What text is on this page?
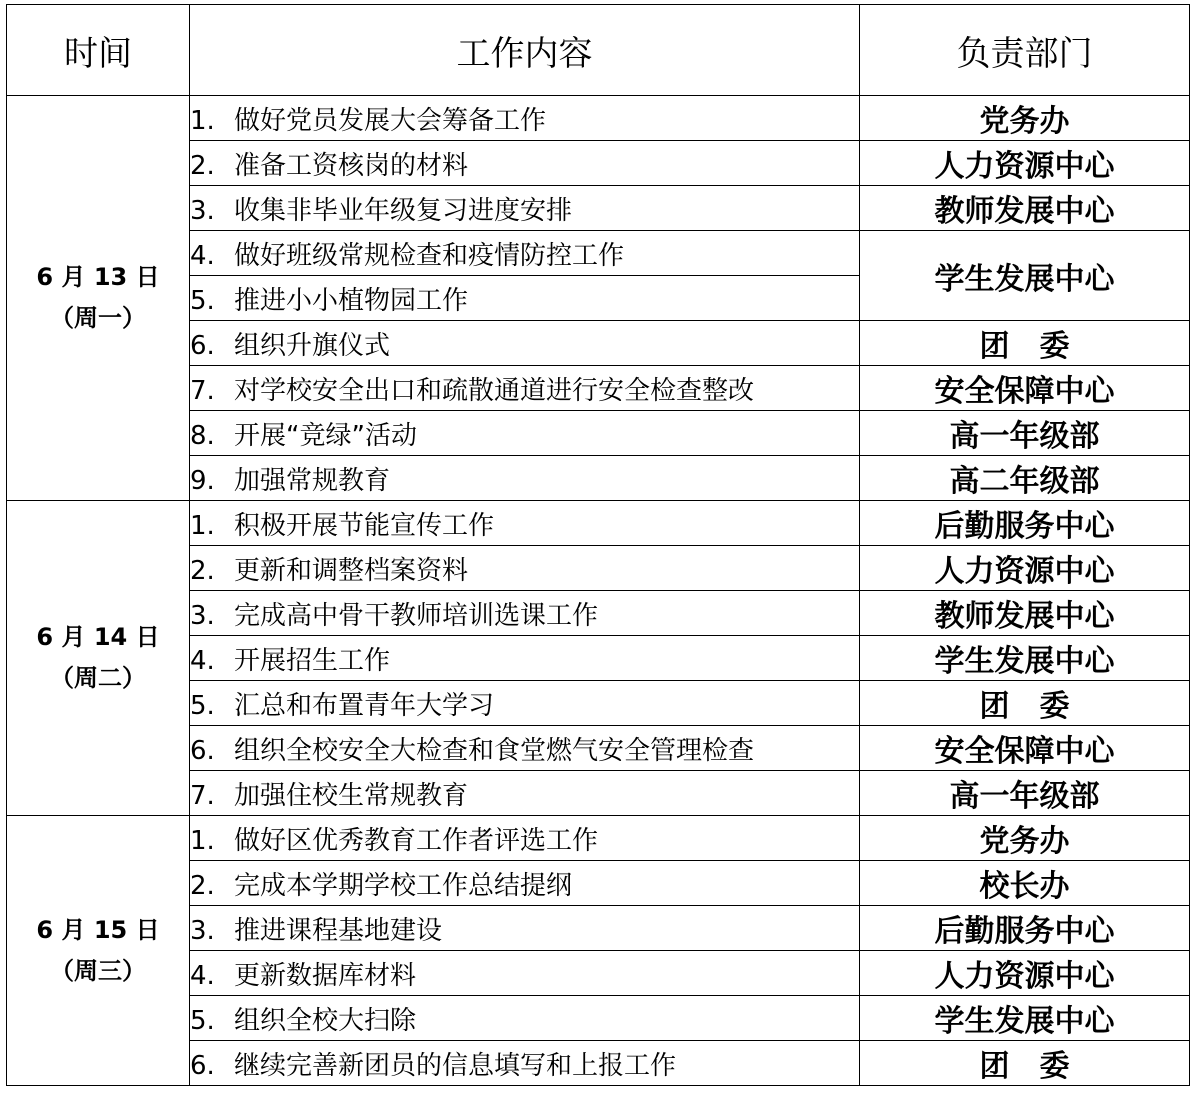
时间	工作内容	负责部门

6 月 13 日
（周一）	1. 做好党员发展大会筹备工作	党务办
	2. 准备工资核岗的材料	人力资源中心
	3. 收集非毕业年级复习进度安排	教师发展中心
	4. 做好班级常规检查和疫情防控工作	学生发展中心
	5. 推进小小植物园工作	
	6. 组织升旗仪式	团　委
	7. 对学校安全出口和疏散通道进行安全检查整改	安全保障中心
	8. 开展“竞绿”活动	高一年级部
	9. 加强常规教育	高二年级部

6 月 14 日
（周二）	1. 积极开展节能宣传工作	后勤服务中心
	2. 更新和调整档案资料	人力资源中心
	3. 完成高中骨干教师培训选课工作	教师发展中心
	4. 开展招生工作	学生发展中心
	5. 汇总和布置青年大学习	团　委
	6. 组织全校安全大检查和食堂燃气安全管理检查	安全保障中心
	7. 加强住校生常规教育	高一年级部

6 月 15 日
（周三）	1. 做好区优秀教育工作者评选工作	党务办
	2. 完成本学期学校工作总结提纲	校长办
	3. 推进课程基地建设	后勤服务中心
	4. 更新数据库材料	人力资源中心
	5. 组织全校大扫除	学生发展中心
	6. 继续完善新团员的信息填写和上报工作	团　委
